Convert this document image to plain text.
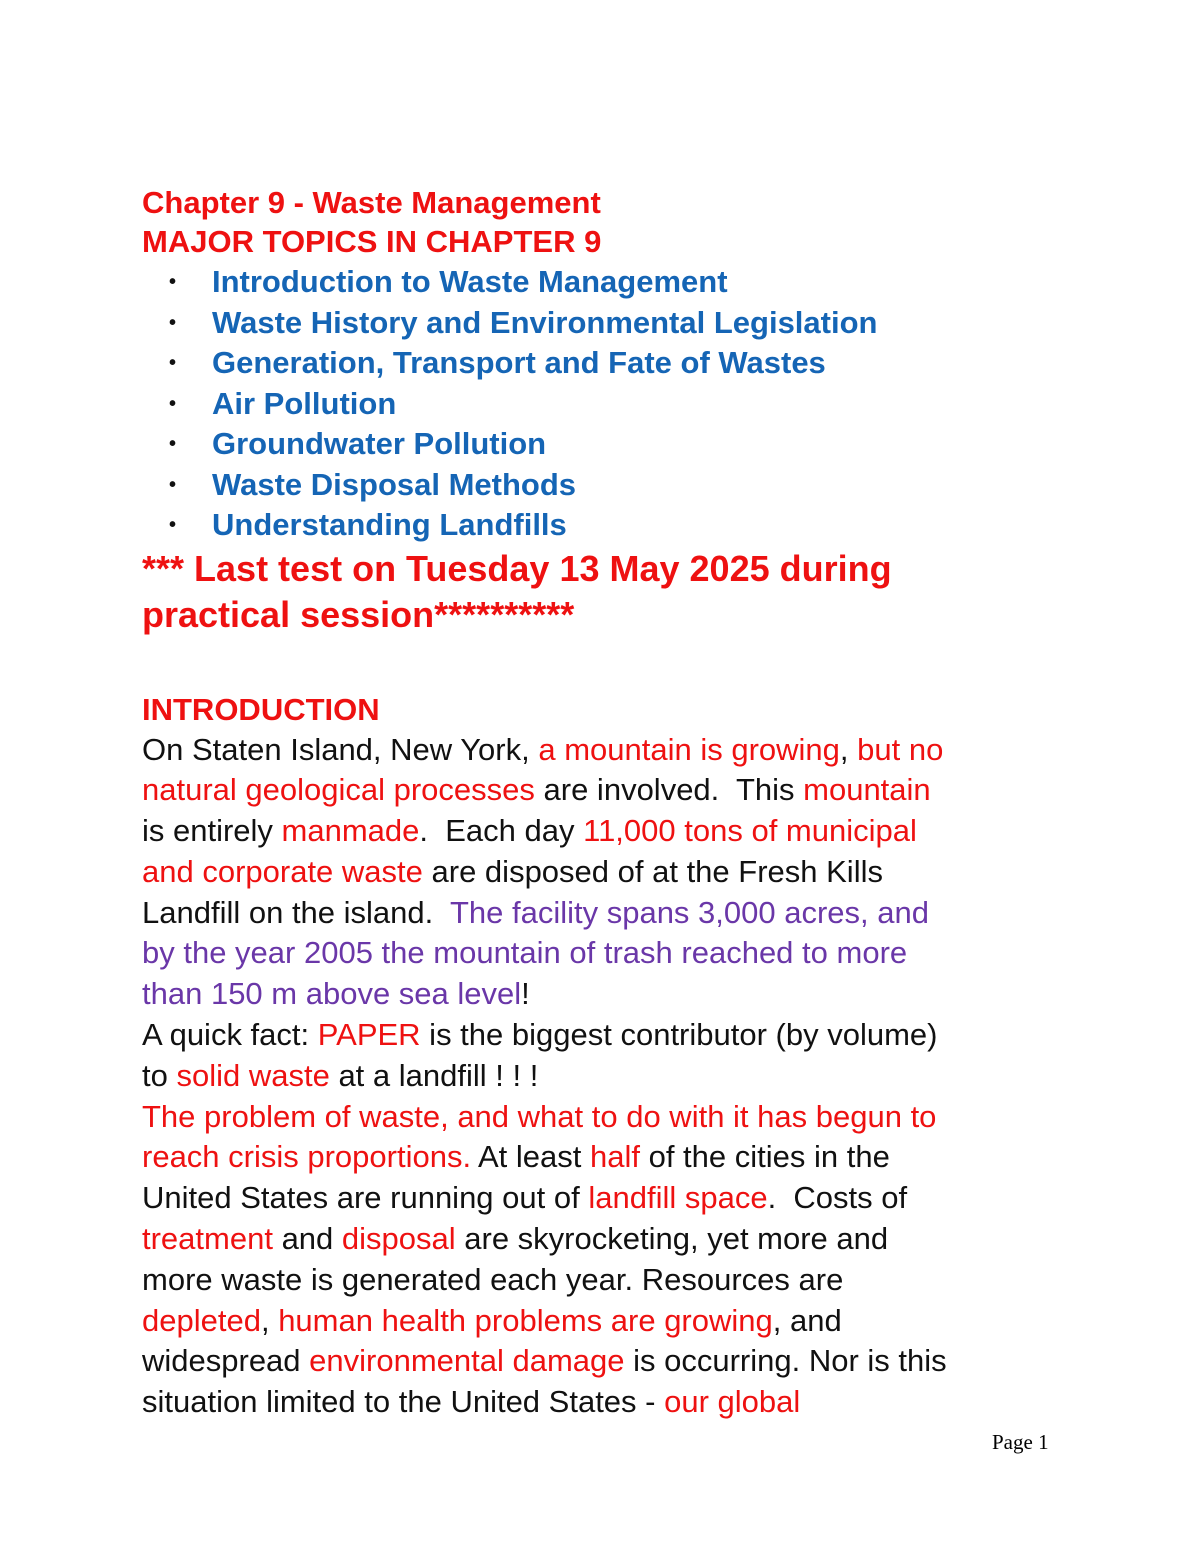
Chapter 9 - Waste Management
MAJOR TOPICS IN CHAPTER 9
• Introduction to Waste Management
• Waste History and Environmental Legislation
• Generation, Transport and Fate of Wastes
• Air Pollution
• Groundwater Pollution
• Waste Disposal Methods
• Understanding Landfills

*** Last test on Tuesday 13 May 2025 during
practical session**********

INTRODUCTION
On Staten Island, New York, a mountain is growing, but no
natural geological processes are involved.  This mountain
is entirely manmade.  Each day 11,000 tons of municipal
and corporate waste are disposed of at the Fresh Kills
Landfill on the island.  The facility spans 3,000 acres, and
by the year 2005 the mountain of trash reached to more
than 150 m above sea level!
A quick fact: PAPER is the biggest contributor (by volume)
to solid waste at a landfill ! ! !
The problem of waste, and what to do with it has begun to
reach crisis proportions. At least half of the cities in the
United States are running out of landfill space.  Costs of
treatment and disposal are skyrocketing, yet more and
more waste is generated each year. Resources are
depleted, human health problems are growing, and
widespread environmental damage is occurring. Nor is this
situation limited to the United States - our global
Page 1
